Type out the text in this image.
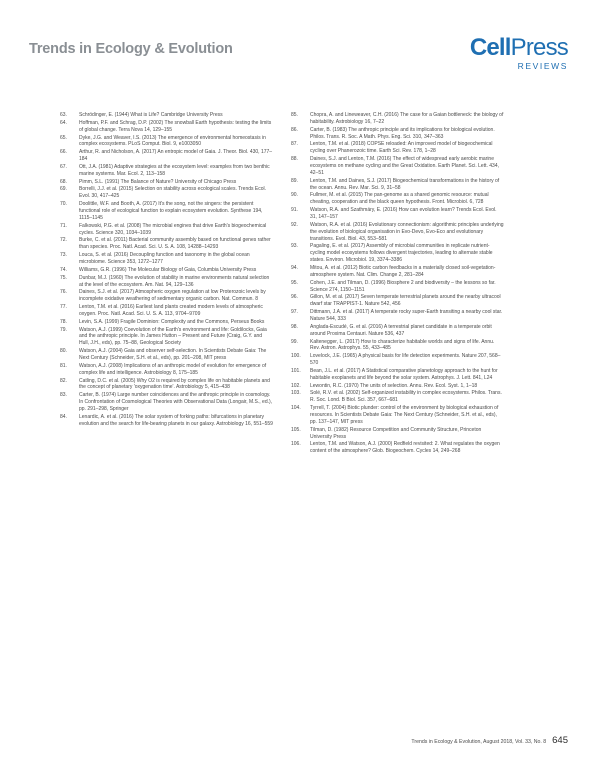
Trends in Ecology & Evolution	CellPress
REVIEWS
63.	Schrödinger, E. (1944) What is Life? Cambridge University Press
64.	Hoffman, P.F. and Schrag, D.P. (2002) The snowball Earth hypothesis: testing the limits of global change. Terra Nova 14, 129–155
65.	Dyke, J.G. and Weaver, I.S. (2013) The emergence of environmental homeostasis in complex ecosystems. PLoS Comput. Biol. 9, e1003050
66.	Arthur, R. and Nicholson, A. (2017) An entropic model of Gaia. J. Theor. Biol. 430, 177–184
67.	Ott, J.A. (1981) Adaptive strategies at the ecosystem level: examples from two benthic marine systems. Mar. Ecol. 2, 113–158
68.	Pimm, S.L. (1991) The Balance of Nature? University of Chicago Press
69.	Borrelli, J.J. et al. (2015) Selection on stability across ecological scales. Trends Ecol. Evol. 30, 417–425
70.	Doolittle, W.F. and Booth, A. (2017) It's the song, not the singers: the persistent functional role of ecological function to explain ecosystem evolution. Synthese 194, 1115–1145
71.	Falkowski, P.G. et al. (2008) The microbial engines that drive Earth's biogeochemical cycles. Science 320, 1034–1039
72.	Burke, C. et al. (2011) Bacterial community assembly based on functional genes rather than species. Proc. Natl. Acad. Sci. U. S. A. 108, 14288–14293
73.	Louca, S. et al. (2016) Decoupling function and taxonomy in the global ocean microbiome. Science 353, 1272–1277
74.	Williams, G.R. (1996) The Molecular Biology of Gaia, Columbia University Press
75.	Dunbar, M.J. (1960) The evolution of stability in marine environments natural selection at the level of the ecosystem. Am. Nat. 94, 129–136
76.	Daines, S.J. et al. (2017) Atmospheric oxygen regulation at low Proterozoic levels by incomplete oxidative weathering of sedimentary organic carbon. Nat. Commun. 8
77.	Lenton, T.M. et al. (2016) Earliest land plants created modern levels of atmospheric oxygen. Proc. Natl. Acad. Sci. U. S. A. 113, 9704–9709
78.	Levin, S.A. (1999) Fragile Dominion: Complexity and the Commons, Perseus Books
79.	Watson, A.J. (1999) Coevolution of the Earth's environment and life: Goldilocks, Gaia and the anthropic principle. In James Hutton – Present and Future (Craig, G.Y. and Hull, J.H., eds), pp. 75–88, Geological Society
80.	Watson, A.J. (2004) Gaia and observer self-selection. In Scientists Debate Gaia: The Next Century (Schneider, S.H. et al., eds), pp. 201–208, MIT press
81.	Watson, A.J. (2008) Implications of an anthropic model of evolution for emergence of complex life and intelligence. Astrobiology 8, 175–185
82.	Catling, D.C. et al. (2005) Why O2 is required by complex life on habitable planets and the concept of planetary 'oxygenation time'. Astrobiology 5, 415–438
83.	Carter, B. (1974) Large number coincidences and the anthropic principle in cosmology. In Confrontation of Cosmological Theories with Observational Data (Longair, M.S., ed.), pp. 291–298, Springer
84.	Lenardic, A. et al. (2016) The solar system of forking paths: bifurcations in planetary evolution and the search for life-bearing planets in our galaxy. Astrobiology 16, 551–559
85.	Chopra, A. and Lineweaver, C.H. (2016) The case for a Gaian bottleneck: the biology of habitability. Astrobiology 16, 7–22
86.	Carter, B. (1983) The anthropic principle and its implications for biological evolution. Philos. Trans. R. Soc. A Math. Phys. Eng. Sci. 310, 347–363
87.	Lenton, T.M. et al. (2018) COPSE reloaded: An improved model of biogeochemical cycling over Phanerozoic time. Earth Sci. Rev. 178, 1–28
88.	Daines, S.J. and Lenton, T.M. (2016) The effect of widespread early aerobic marine ecosystems on methane cycling and the Great Oxidation. Earth Planet. Sci. Lett. 434, 42–51
89.	Lenton, T.M. and Daines, S.J. (2017) Biogeochemical transformations in the history of the ocean. Annu. Rev. Mar. Sci. 9, 31–58
90.	Fullmer, M. et al. (2015) The pan-genome as a shared genomic resource: mutual cheating, cooperation and the black queen hypothesis. Front. Microbiol. 6, 728
91.	Watson, R.A. and Szathmáry, E. (2016) How can evolution learn? Trends Ecol. Evol. 31, 147–157
92.	Watson, R.A. et al. (2016) Evolutionary connectionism: algorithmic principles underlying the evolution of biological organisation in Evo-Devo, Evo-Eco and evolutionary transitions. Evol. Biol. 43, 553–581
93.	Pagaling, E. et al. (2017) Assembly of microbial communities in replicate nutrient-cycling model ecosystems follows divergent trajectories, leading to alternate stable states. Environ. Microbiol. 19, 3374–3386
94.	Mitou, A. et al. (2012) Biotic carbon feedbacks in a materially closed soil-vegetation-atmosphere system. Nat. Clim. Change 2, 281–284
95.	Cohen, J.E. and Tilman, D. (1996) Biosphere 2 and biodiversity – the lessons so far. Science 274, 1150–1151
96.	Gillon, M. et al. (2017) Seven temperate terrestrial planets around the nearby ultracool dwarf star TRAPPIST-1. Nature 542, 456
97.	Dittmann, J.A. et al. (2017) A temperate rocky super-Earth transiting a nearby cool star. Nature 544, 333
98.	Anglada-Escudé, G. et al. (2016) A terrestrial planet candidate in a temperate orbit around Proxima Centauri. Nature 536, 437
99.	Kaltenegger, L. (2017) How to characterize habitable worlds and signs of life. Annu. Rev. Astron. Astrophys. 55, 433–485
100.	Lovelock, J.E. (1965) A physical basis for life detection experiments. Nature 207, 568–570
101.	Bean, J.L. et al. (2017) A Statistical comparative planetology approach to the hunt for habitable exoplanets and life beyond the solar system. Astrophys. J. Lett. 841, L24
102.	Lewontin, R.C. (1970) The units of selection. Annu. Rev. Ecol. Syst. 1, 1–18
103.	Solé, R.V. et al. (2002) Self-organized instability in complex ecosystems. Philos. Trans. R. Soc. Lond. B Biol. Sci. 357, 667–681
104.	Tyrrell, T. (2004) Biotic plunder: control of the environment by biological exhaustion of resources. In Scientists Debate Gaia: The Next Century (Schneider, S.H. et al., eds), pp. 137–147, MIT press
105.	Tilman, D. (1982) Resource Competition and Community Structure, Princeton University Press
106.	Lenton, T.M. and Watson, A.J. (2000) Redfield revisited: 2. What regulates the oxygen content of the atmosphere? Glob. Biogeochem. Cycles 14, 249–268
Trends in Ecology & Evolution, August 2018, Vol. 33, No. 8 645
